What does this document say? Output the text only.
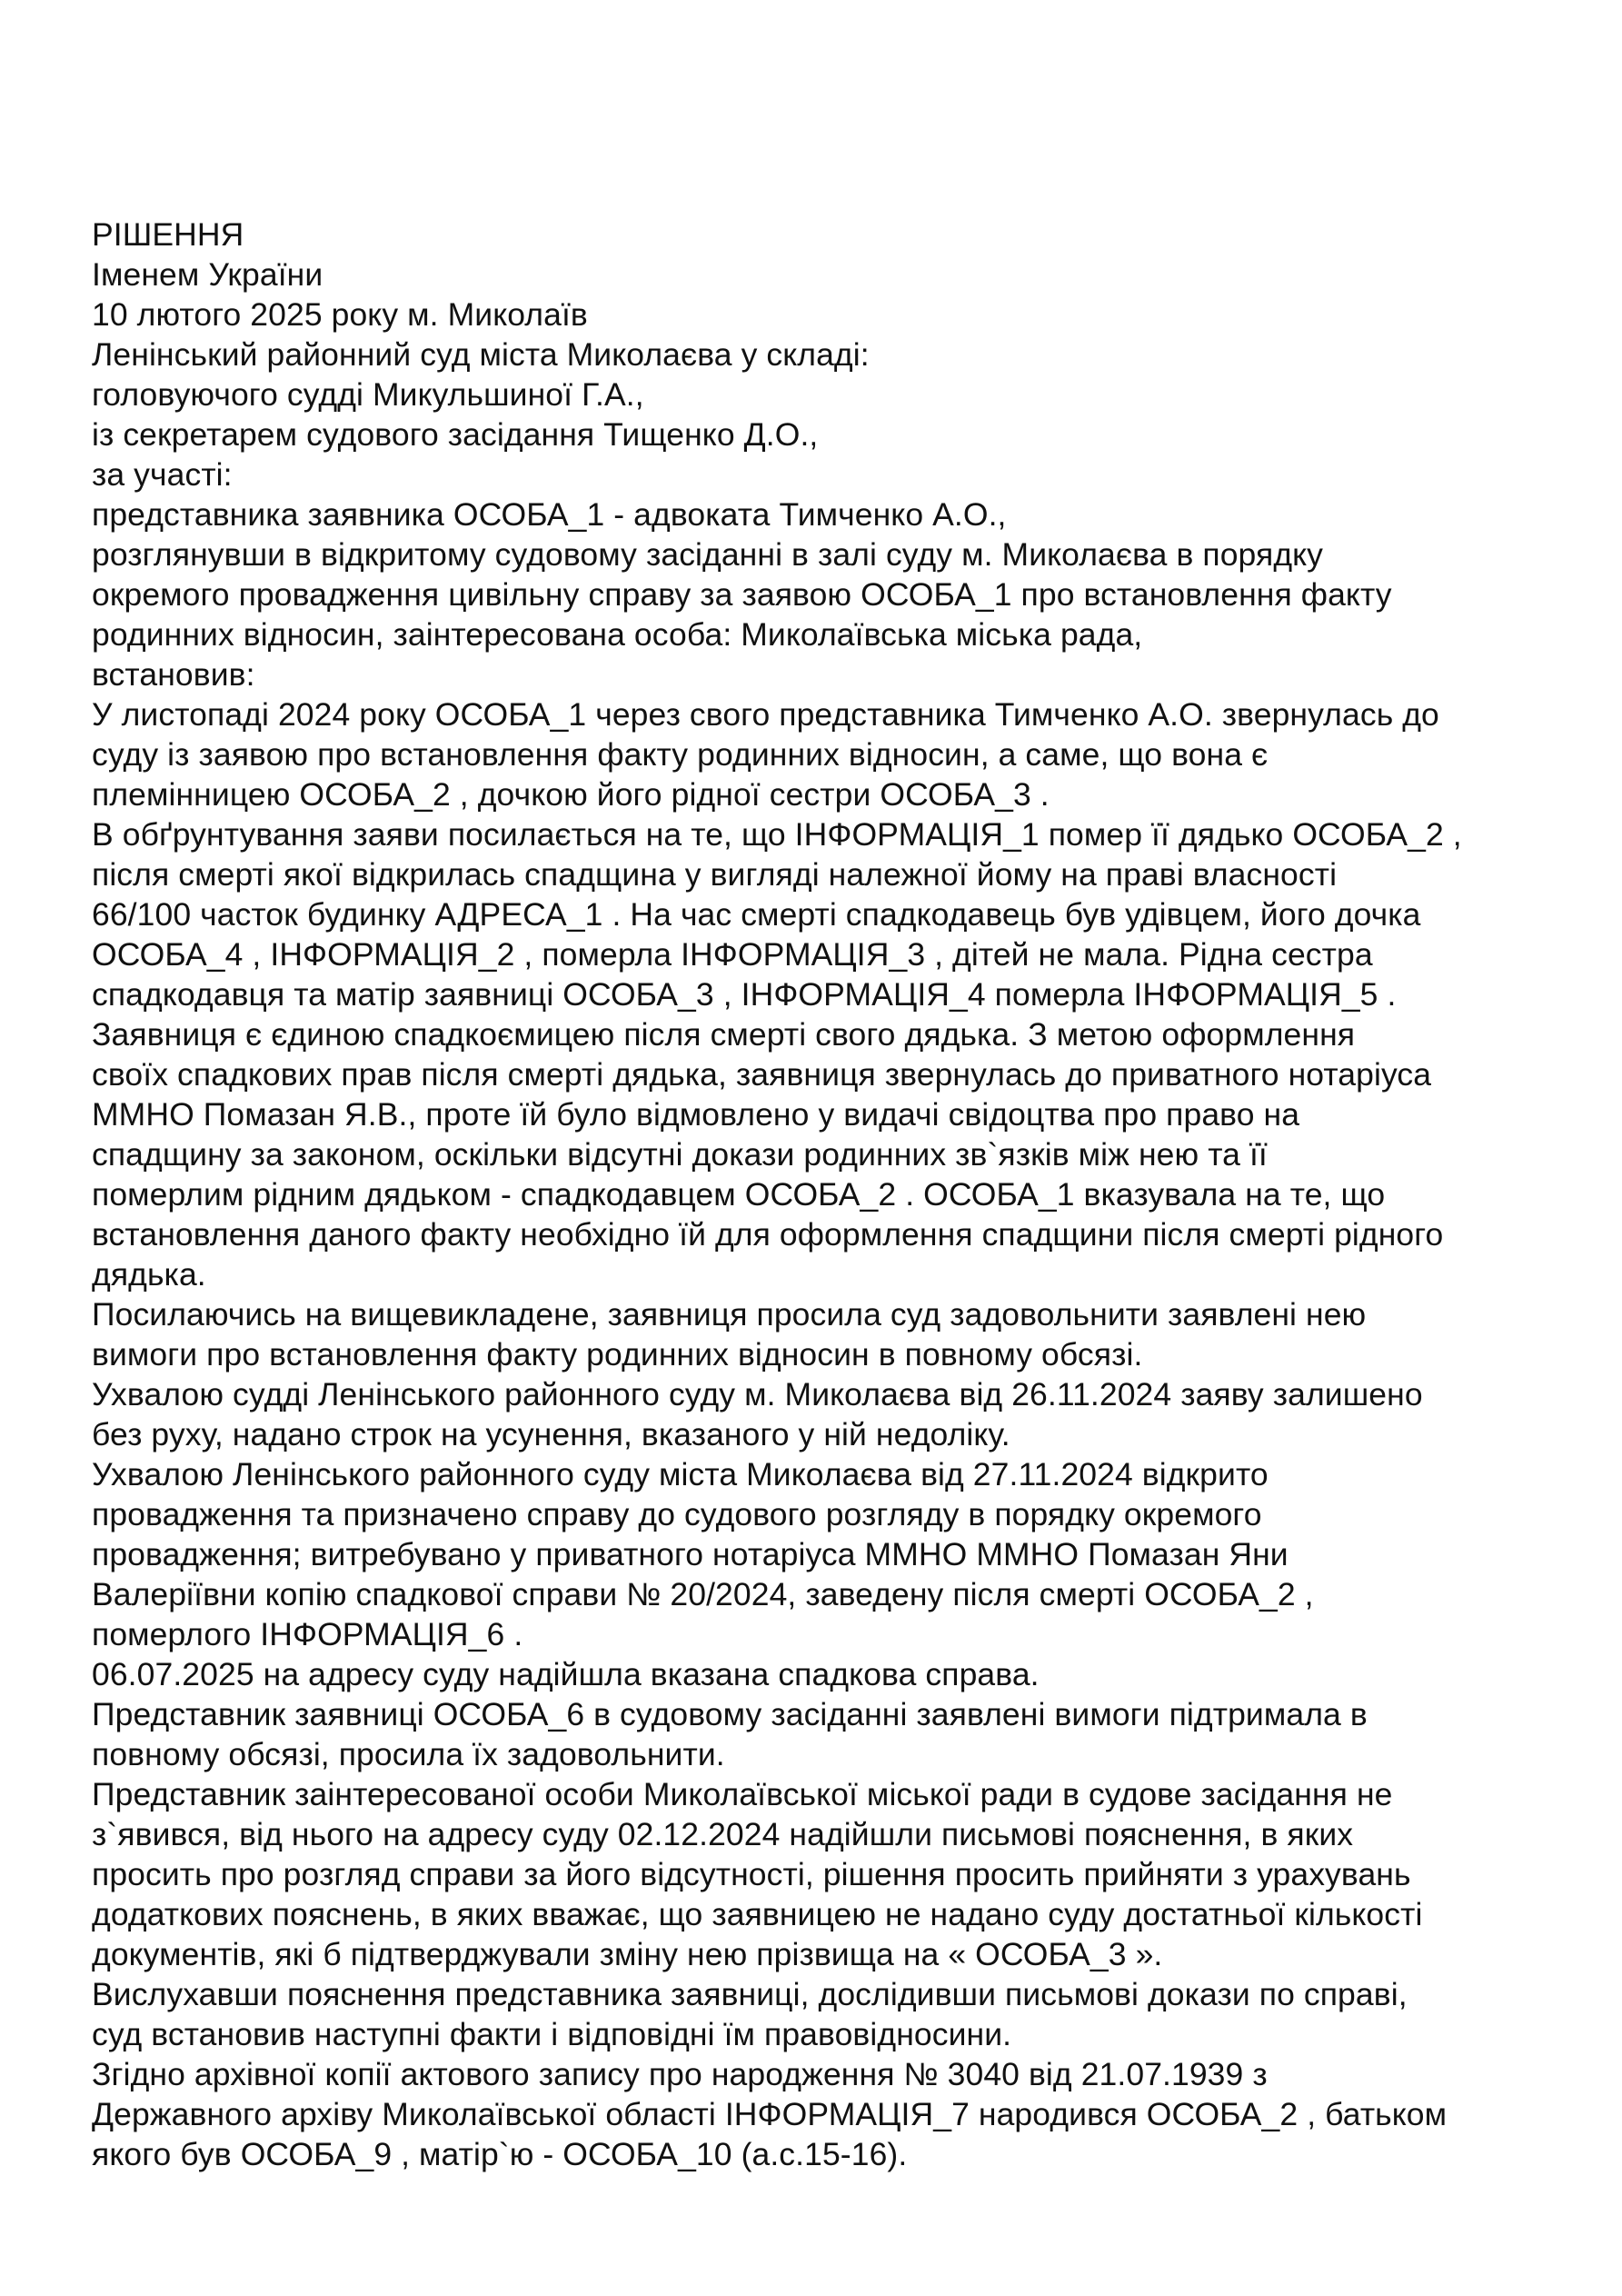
РІШЕННЯ
Іменем України
10 лютого 2025 року м. Миколаїв
Ленінський районний суд міста Миколаєва у складі:
головуючого судді Микульшиної Г.А.,
із секретарем судового засідання Тищенко Д.О.,
за участі:
представника заявника ОСОБА_1 - адвоката Тимченко А.О.,
розглянувши в відкритому судовому засіданні в залі суду м. Миколаєва в порядку
окремого провадження цивільну справу за заявою ОСОБА_1 про встановлення факту
родинних відносин, заінтересована особа: Миколаївська міська рада,
встановив:
У листопаді 2024 року ОСОБА_1 через свого представника Тимченко А.О. звернулась до
суду із заявою про встановлення факту родинних відносин, а саме, що вона є
племінницею ОСОБА_2 , дочкою його рідної сестри ОСОБА_3 .
В обґрунтування заяви посилається на те, що ІНФОРМАЦІЯ_1 помер її дядько ОСОБА_2 ,
після смерті якої відкрилась спадщина у вигляді належної йому на праві власності
66/100 часток будинку АДРЕСА_1 . На час смерті спадкодавець був удівцем, його дочка
ОСОБА_4 , ІНФОРМАЦІЯ_2 , померла ІНФОРМАЦІЯ_3 , дітей не мала. Рідна сестра
спадкодавця та матір заявниці ОСОБА_3 , ІНФОРМАЦІЯ_4 померла ІНФОРМАЦІЯ_5 .
Заявниця є єдиною спадкоємицею після смерті свого дядька. З метою оформлення
своїх спадкових прав після смерті дядька, заявниця звернулась до приватного нотаріуса
ММНО Помазан Я.В., проте їй було відмовлено у видачі свідоцтва про право на
спадщину за законом, оскільки відсутні докази родинних зв`язків між нею та її
померлим рідним дядьком - спадкодавцем ОСОБА_2 . ОСОБА_1 вказувала на те, що
встановлення даного факту необхідно їй для оформлення спадщини після смерті рідного
дядька.
Посилаючись на вищевикладене, заявниця просила суд задовольнити заявлені нею
вимоги про встановлення факту родинних відносин в повному обсязі.
Ухвалою судді Ленінського районного суду м. Миколаєва від 26.11.2024 заяву залишено
без руху, надано строк на усунення, вказаного у ній недоліку.
Ухвалою Ленінського районного суду міста Миколаєва від 27.11.2024 відкрито
провадження та призначено справу до судового розгляду в порядку окремого
провадження; витребувано у приватного нотаріуса ММНО ММНО Помазан Яни
Валеріївни копію спадкової справи № 20/2024, заведену після смерті ОСОБА_2 ,
померлого ІНФОРМАЦІЯ_6 .
06.07.2025 на адресу суду надійшла вказана спадкова справа.
Представник заявниці ОСОБА_6 в судовому засіданні заявлені вимоги підтримала в
повному обсязі, просила їх задовольнити.
Представник заінтересованої особи Миколаївської міської ради в судове засідання не
з`явився, від нього на адресу суду 02.12.2024 надійшли письмові пояснення, в яких
просить про розгляд справи за його відсутності, рішення просить прийняти з урахувань
додаткових пояснень, в яких вважає, що заявницею не надано суду достатньої кількості
документів, які б підтверджували зміну нею прізвища на « ОСОБА_3 ».
Вислухавши пояснення представника заявниці, дослідивши письмові докази по справі,
суд встановив наступні факти і відповідні їм правовідносини.
Згідно архівної копії актового запису про народження № 3040 від 21.07.1939 з
Державного архіву Миколаївської області ІНФОРМАЦІЯ_7 народився ОСОБА_2 , батьком
якого був ОСОБА_9 , матір`ю - ОСОБА_10 (а.с.15-16).
